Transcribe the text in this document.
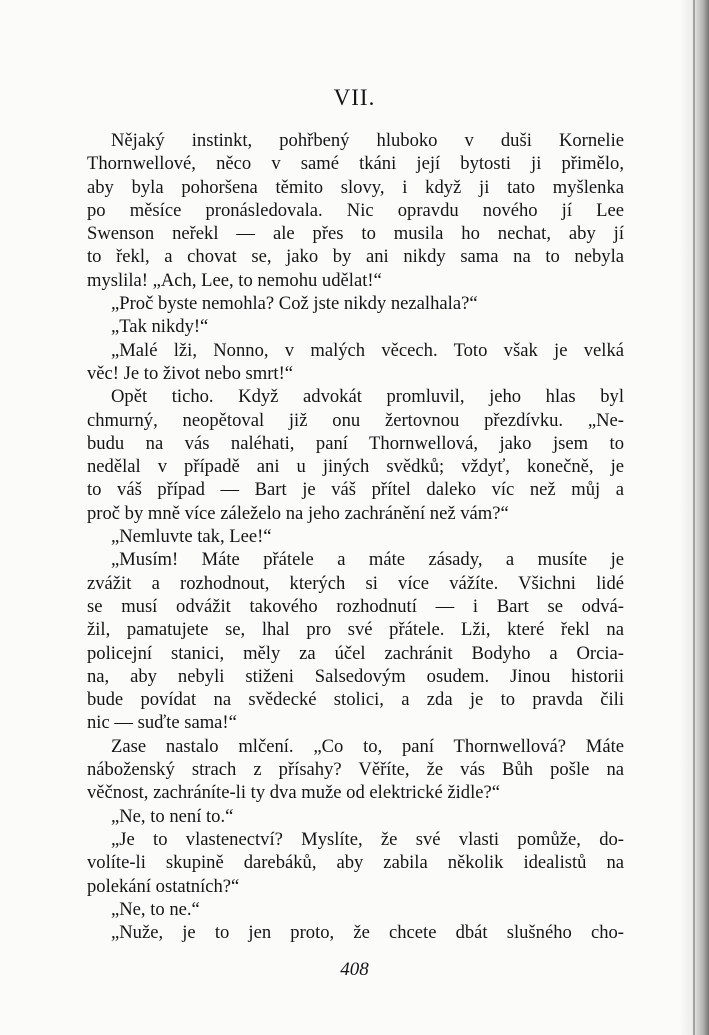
VII.
Nějaký instinkt, pohřbený hluboko v duši Kornelie
Thornwellové, něco v samé tkáni její bytosti ji přimělo,
aby byla pohoršena těmito slovy, i když ji tato myšlenka
po měsíce pronásledovala. Nic opravdu nového jí Lee
Swenson neřekl — ale přes to musila ho nechat, aby jí
to řekl, a chovat se, jako by ani nikdy sama na to nebyla
myslila! „Ach, Lee, to nemohu udělat!“
„Proč byste nemohla? Což jste nikdy nezalhala?“
„Tak nikdy!“
„Malé lži, Nonno, v malých věcech. Toto však je velká
věc! Je to život nebo smrt!“
Opět ticho. Když advokát promluvil, jeho hlas byl
chmurný, neopětoval již onu žertovnou přezdívku. „Ne-
budu na vás naléhati, paní Thornwellová, jako jsem to
nedělal v případě ani u jiných svědků; vždyť, konečně, je
to váš případ — Bart je váš přítel daleko víc než můj a
proč by mně více záleželo na jeho zachránění než vám?“
„Nemluvte tak, Lee!“
„Musím! Máte přátele a máte zásady, a musíte je
zvážit a rozhodnout, kterých si více vážíte. Všichni lidé
se musí odvážit takového rozhodnutí — i Bart se odvá-
žil, pamatujete se, lhal pro své přátele. Lži, které řekl na
policejní stanici, měly za účel zachránit Bodyho a Orcia-
na, aby nebyli stiženi Salsedovým osudem. Jinou historii
bude povídat na svědecké stolici, a zda je to pravda čili
nic — suďte sama!“
Zase nastalo mlčení. „Co to, paní Thornwellová? Máte
náboženský strach z přísahy? Věříte, že vás Bůh pošle na
věčnost, zachráníte-li ty dva muže od elektrické židle?“
„Ne, to není to.“
„Je to vlastenectví? Myslíte, že své vlasti pomůže, do-
volíte-li skupině darebáků, aby zabila několik idealistů na
polekání ostatních?“
„Ne, to ne.“
„Nuže, je to jen proto, že chcete dbát slušného cho-
408
